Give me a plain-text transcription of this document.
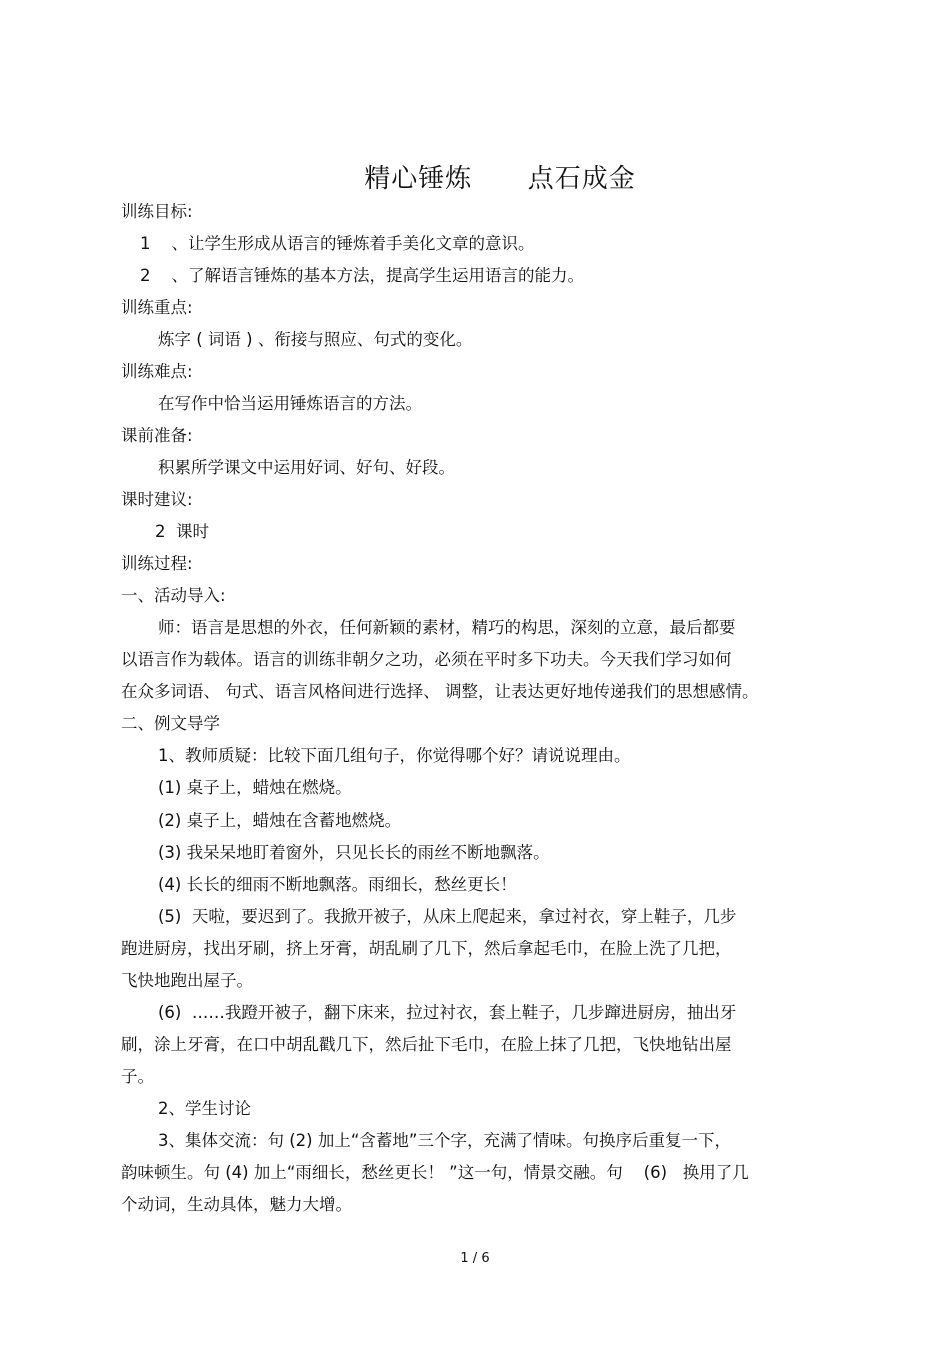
精心锤炼      点石成金
训练目标:
1    、让学生形成从语言的锤炼着手美化文章的意识。
2    、了解语言锤炼的基本方法，提高学生运用语言的能力。
训练重点:
炼字 ( 词语 ) 、衔接与照应、句式的变化。
训练难点:
在写作中恰当运用锤炼语言的方法。
课前准备:
积累所学课文中运用好词、好句、好段。
课时建议:
2  课时
训练过程:
一、活动导入:
师：语言是思想的外衣，任何新颖的素材，精巧的构思，深刻的立意，最后都要
以语言作为载体。语言的训练非朝夕之功，必须在平时多下功夫。今天我们学习如何
在众多词语、 句式、语言风格间进行选择、 调整，让表达更好地传递我们的思想感情。
二、例文导学
1、教师质疑：比较下面几组句子，你觉得哪个好？请说说理由。
(1) 桌子上，蜡烛在燃烧。
(2) 桌子上，蜡烛在含蓄地燃烧。
(3) 我呆呆地盯着窗外，只见长长的雨丝不断地飘落。
(4) 长长的细雨不断地飘落。雨细长，愁丝更长！
(5)  天啦，要迟到了。我掀开被子，从床上爬起来，拿过衬衣，穿上鞋子，几步
跑进厨房，找出牙刷，挤上牙膏，胡乱刷了几下，然后拿起毛巾，在脸上洗了几把，
飞快地跑出屋子。
(6)  ……我蹬开被子，翻下床来，拉过衬衣，套上鞋子，几步蹿进厨房，抽出牙
刷，涂上牙膏，在口中胡乱戳几下，然后扯下毛巾，在脸上抹了几把，飞快地钻出屋
子。
2、学生讨论
3、集体交流：句 (2) 加上“含蓄地”三个字，充满了情味。句换序后重复一下，
韵味顿生。句 (4) 加上“雨细长，愁丝更长！ ”这一句，情景交融。句    (6)   换用了几
个动词，生动具体，魅力大增。
1 / 6
